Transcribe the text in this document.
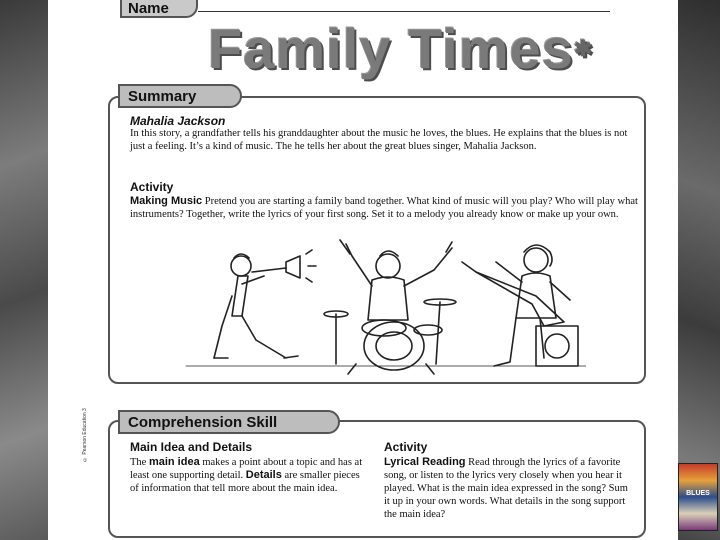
Name
Family Times✱
Summary
Mahalia Jackson
In this story, a grandfather tells his granddaughter about the music he loves, the blues. He explains that the blues is not just a feeling. It’s a kind of music. The he tells her about the great blues singer, Mahalia Jackson.
Activity
Making Music Pretend you are starting a family band together. What kind of music will you play? Who will play what instruments? Together, write the lyrics of your first song. Set it to a melody you already know or make up your own.
© Pearson Education 3	Comprehension Skill
Main Idea and Details
The main idea makes a point about a topic and has at least one supporting detail. Details are smaller pieces of information that tell more about the main idea.
Activity
Lyrical Reading Read through the lyrics of a favorite song, or listen to the lyrics very closely when you hear it played. What is the main idea expressed in the song? Sum it up in your own words. What details in the song support the main idea?
BLUES
